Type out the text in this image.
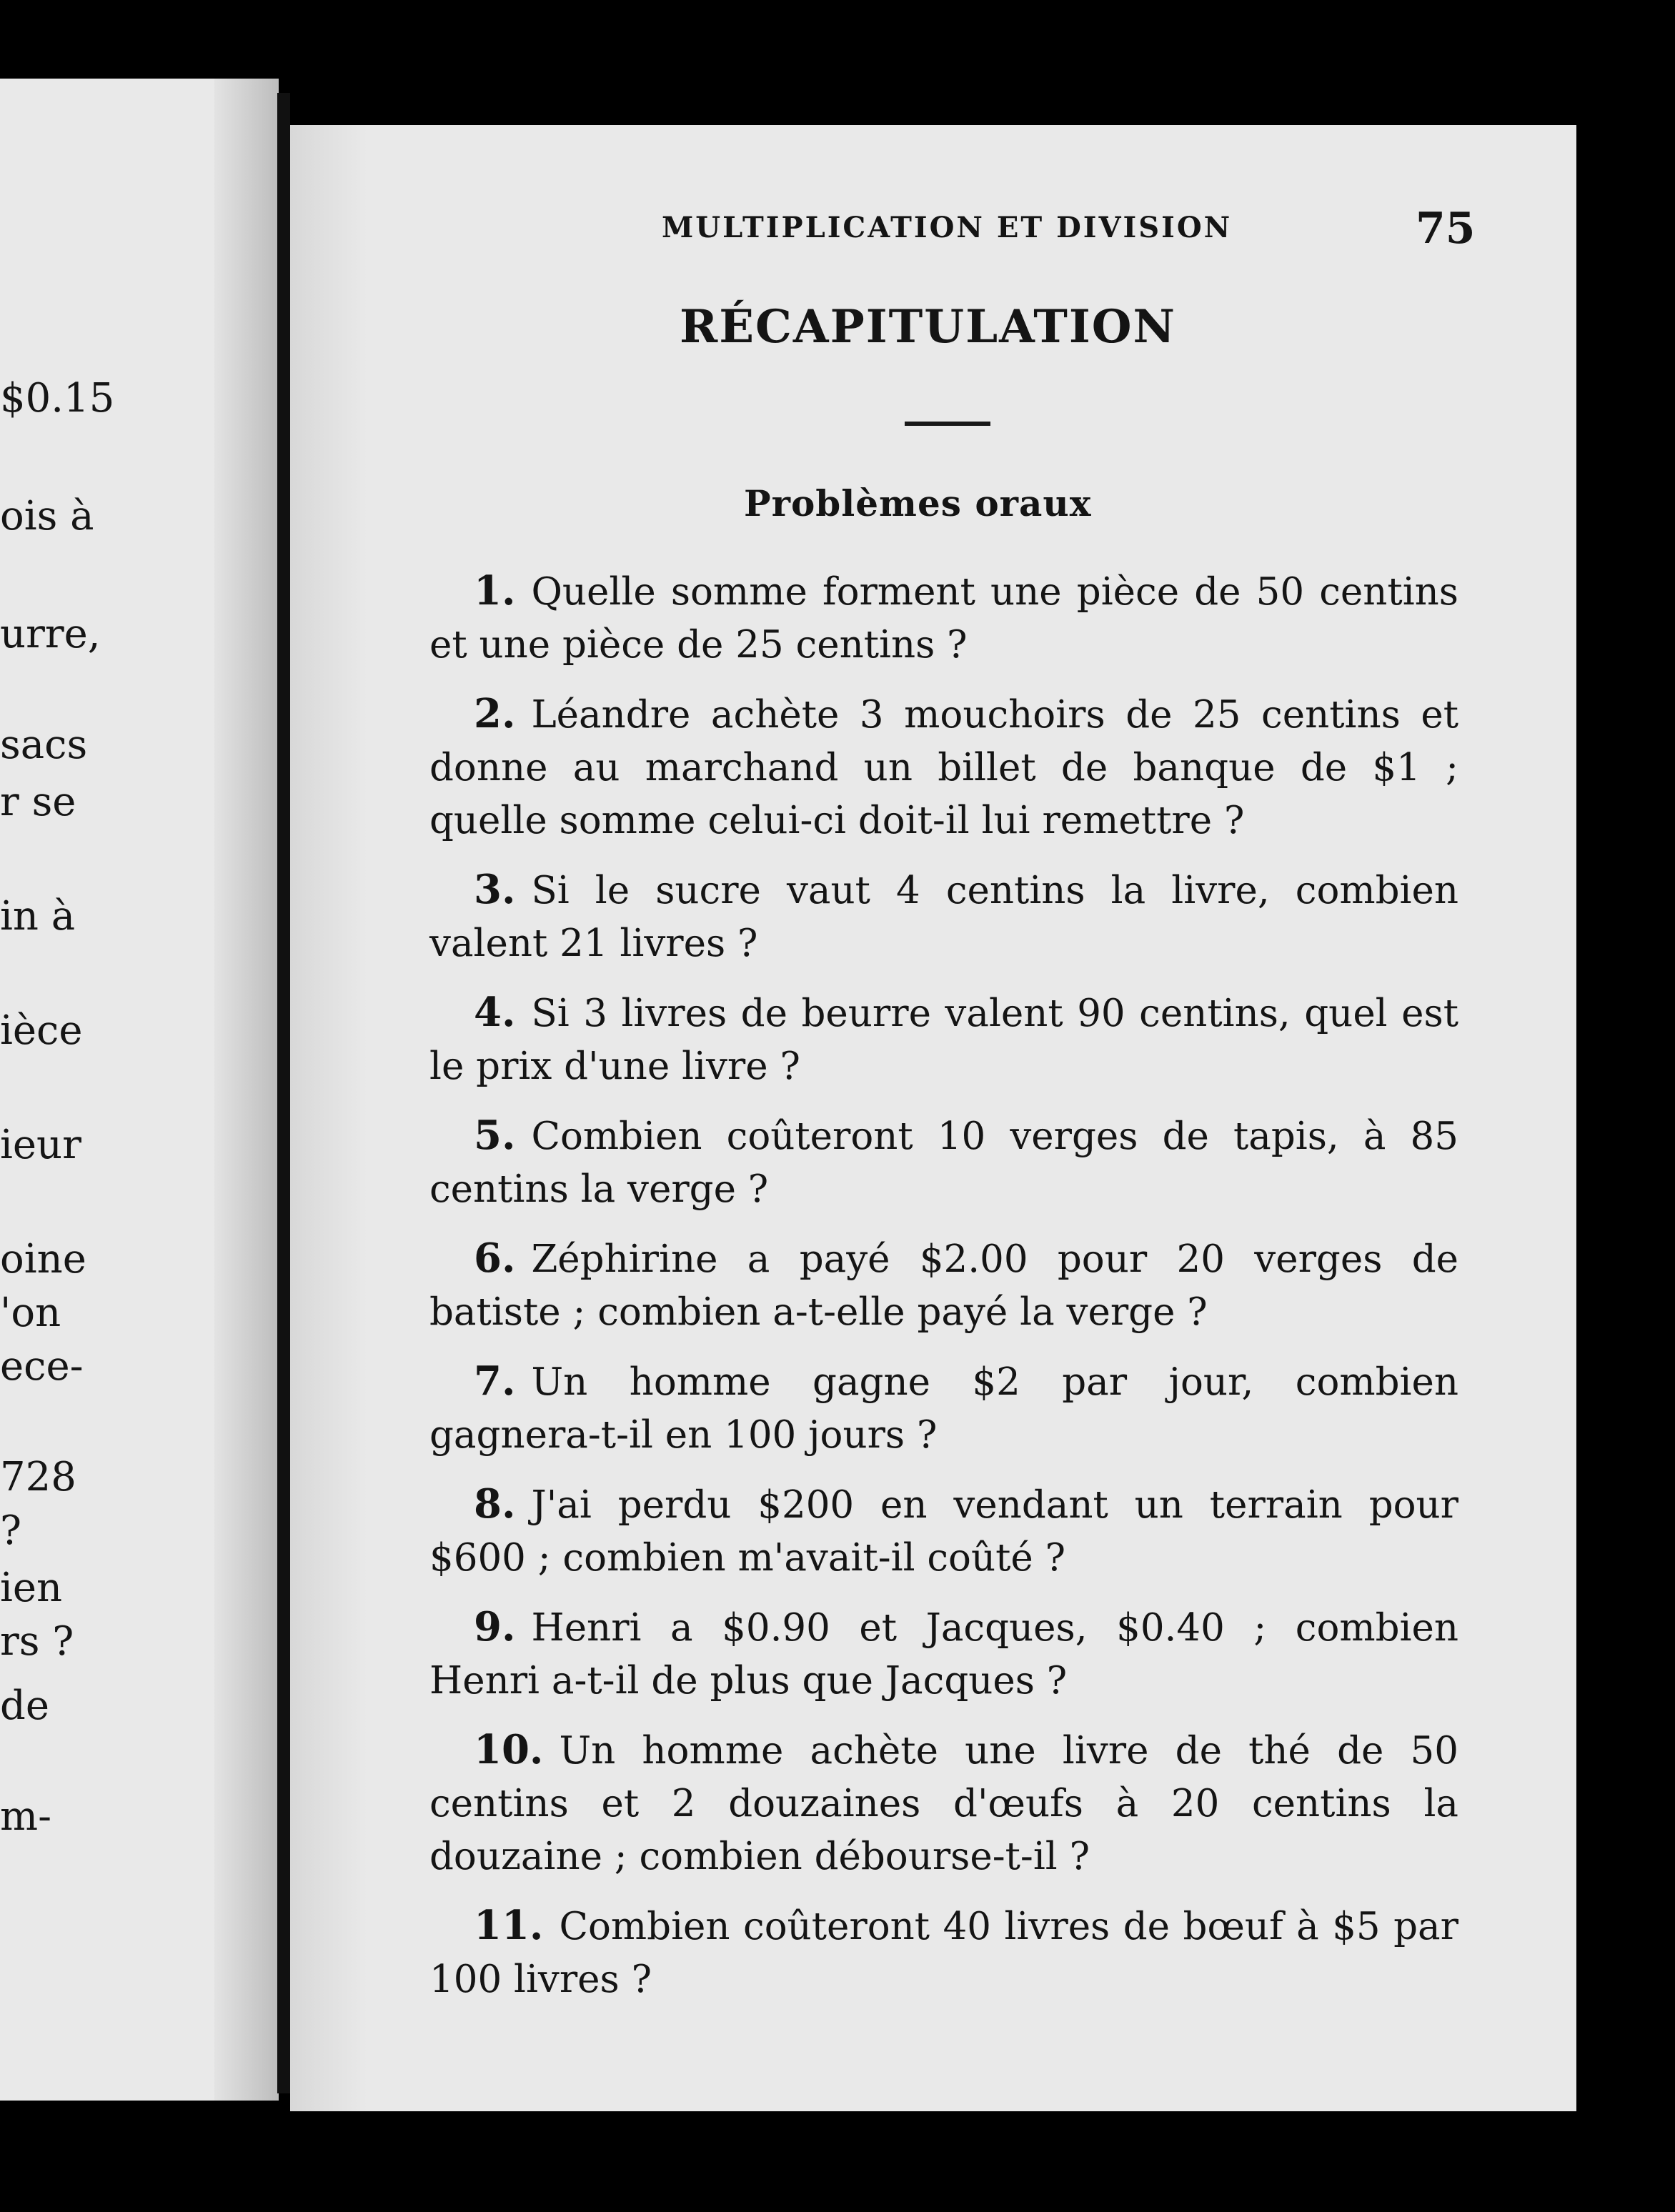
$0.15
ois à
urre,
sacs
r se
in à
ièce
ieur
oine
'on
ece-
728
?
ien
rs ?
de
m-
MULTIPLICATION ET DIVISION	75
RÉCAPITULATION
Problèmes oraux

1. Quelle somme forment une pièce de 50 centins et une pièce de 25 centins ?

2. Léandre achète 3 mouchoirs de 25 centins et donne au marchand un billet de banque de $1 ; quelle somme celui-ci doit-il lui remettre ?

3. Si le sucre vaut 4 centins la livre, combien valent 21 livres ?

4. Si 3 livres de beurre valent 90 centins, quel est le prix d'une livre ?

5. Combien coûteront 10 verges de tapis, à 85 centins la verge ?

6. Zéphirine a payé $2.00 pour 20 verges de batiste ; combien a-t-elle payé la verge ?

7. Un homme gagne $2 par jour, combien gagnera-t-il en 100 jours ?

8. J'ai perdu $200 en vendant un terrain pour $600 ; combien m'avait-il coûté ?

9. Henri a $0.90 et Jacques, $0.40 ; combien Henri a-t-il de plus que Jacques ?

10. Un homme achète une livre de thé de 50 centins et 2 douzaines d'œufs à 20 centins la douzaine ; combien débourse-t-il ?

11. Combien coûteront 40 livres de bœuf à $5 par 100 livres ?
